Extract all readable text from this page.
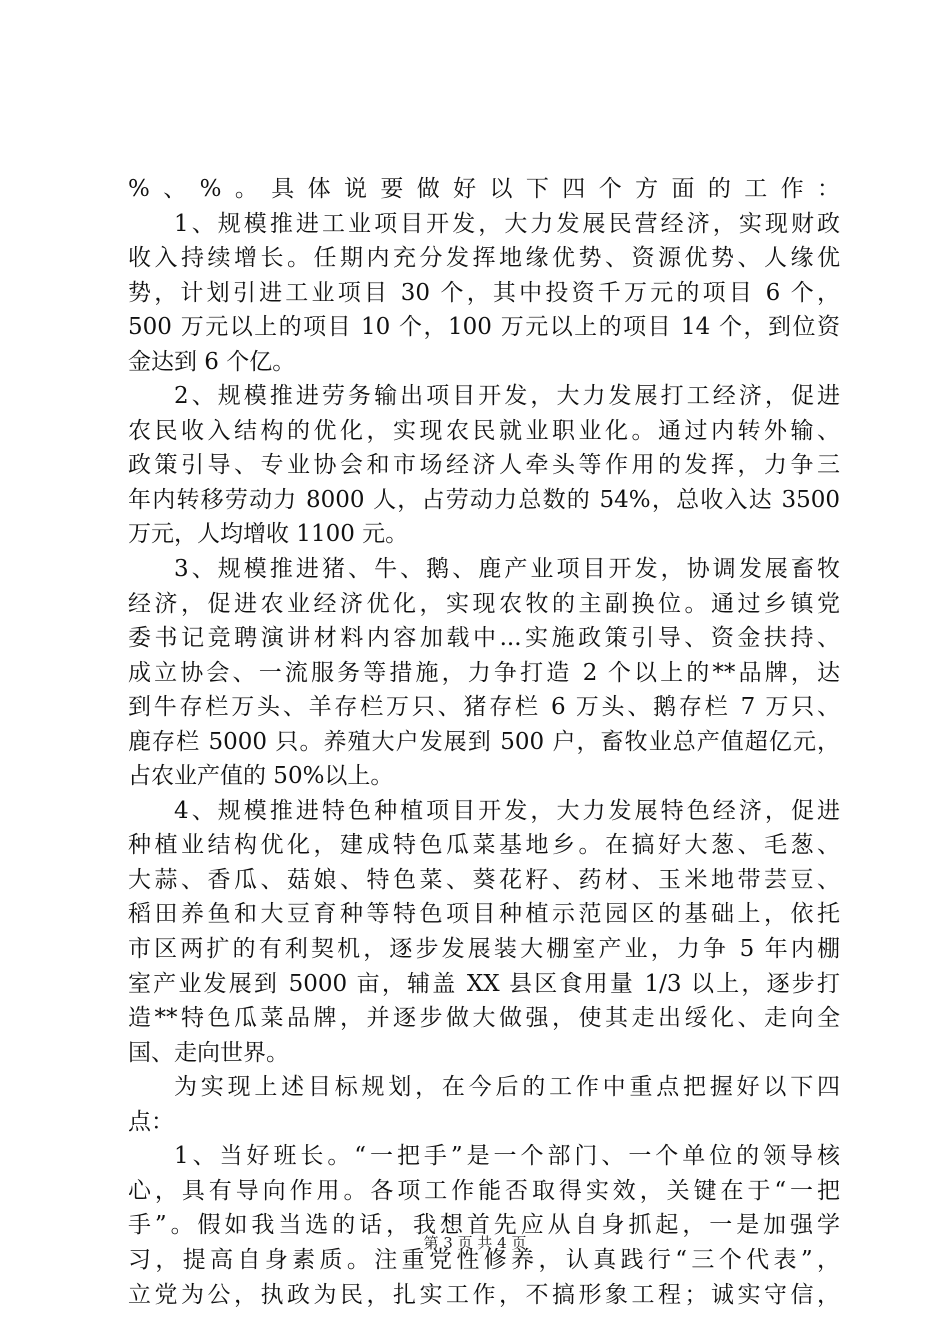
%、%。具体说要做好以下四个方面的工作：
1、规模推进工业项目开发，大力发展民营经济，实现财政
收入持续增长。任期内充分发挥地缘优势、资源优势、人缘优
势，计划引进工业项目 30 个，其中投资千万元的项目 6 个，
500 万元以上的项目 10 个，100 万元以上的项目 14 个，到位资
金达到 6 个亿。
2、规模推进劳务输出项目开发，大力发展打工经济，促进
农民收入结构的优化，实现农民就业职业化。通过内转外输、
政策引导、专业协会和市场经济人牵头等作用的发挥，力争三
年内转移劳动力 8000 人，占劳动力总数的 54%，总收入达 3500
万元，人均增收 1100 元。
3、规模推进猪、牛、鹅、鹿产业项目开发，协调发展畜牧
经济，促进农业经济优化，实现农牧的主副换位。通过乡镇党
委书记竞聘演讲材料内容加载中...实施政策引导、资金扶持、
成立协会、一流服务等措施，力争打造 2 个以上的**品牌，达
到牛存栏万头、羊存栏万只、猪存栏 6 万头、鹅存栏 7 万只、
鹿存栏 5000 只。养殖大户发展到 500 户，畜牧业总产值超亿元，
占农业产值的 50%以上。
4、规模推进特色种植项目开发，大力发展特色经济，促进
种植业结构优化，建成特色瓜菜基地乡。在搞好大葱、毛葱、
大蒜、香瓜、菇娘、特色菜、葵花籽、药材、玉米地带芸豆、
稻田养鱼和大豆育种等特色项目种植示范园区的基础上，依托
市区两扩的有利契机，逐步发展装大棚室产业，力争 5 年内棚
室产业发展到 5000 亩，辅盖 XX 县区食用量 1/3 以上，逐步打
造**特色瓜菜品牌，并逐步做大做强，使其走出绥化、走向全
国、走向世界。
为实现上述目标规划，在今后的工作中重点把握好以下四
点：
1、当好班长。“一把手”是一个部门、一个单位的领导核
心，具有导向作用。各项工作能否取得实效，关键在于“一把
手”。假如我当选的话，我想首先应从自身抓起，一是加强学
习，提高自身素质。注重党性修养，认真践行“三个代表”，
立党为公，执政为民，扎实工作，不搞形象工程；诚实守信，
第 3 页 共 4 页
